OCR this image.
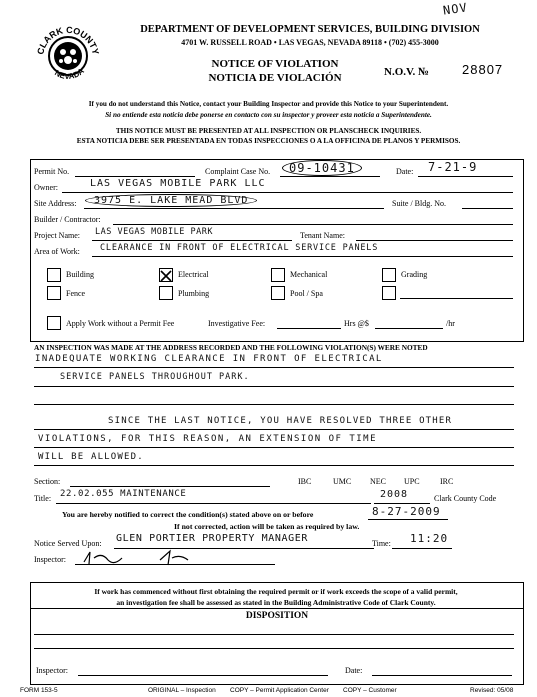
NOV
CLARK COUNTY
NEVADA
DEPARTMENT OF DEVELOPMENT SERVICES, BUILDING DIVISION
4701 W. RUSSELL ROAD • LAS VEGAS, NEVADA 89118 • (702) 455-3000
NOTICE OF VIOLATION
NOTICIA DE VIOLACIÓN	N.O.V. №	28807
If you do not understand this Notice, contact your Building Inspector and provide this Notice to your Superintendent.
Si no entiende esta noticia debe ponerse en contacto con su inspector y proveer esta noticia a Superintendente.
THIS NOTICE MUST BE PRESENTED AT ALL INSPECTION OR PLANSCHECK INQUIRIES.
ESTA NOTICIA DEBE SER PRESENTADA EN TODAS INSPECCIONES O A LA OFFICINA DE PLANOS Y PERMISOS.
Permit No.	Complaint Case No.	09-10431	Date: 7-21-9
Owner:	LAS VEGAS MOBILE PARK LLC
Site Address:	3975 E. LAKE MEAD BLVD	Suite / Bldg. No.
Builder / Contractor:
Project Name: LAS VEGAS MOBILE PARK	Tenant Name:
Area of Work: CLEARANCE IN FRONT OF ELECTRICAL SERVICE PANELS
Building	Electrical	Mechanical	Grading
Fence	Plumbing	Pool / Spa
Apply Work without a Permit Fee	Investigative Fee:	Hrs @$	/hr
AN INSPECTION WAS MADE AT THE ADDRESS RECORDED AND THE FOLLOWING VIOLATION(S) WERE NOTED
INADEQUATE WORKING CLEARANCE IN FRONT OF ELECTRICAL
SERVICE PANELS THROUGHOUT PARK.
SINCE THE LAST NOTICE, YOU HAVE RESOLVED THREE OTHER
VIOLATIONS, FOR THIS REASON, AN EXTENSION OF TIME
WILL BE ALLOWED.
Section:	IBC	UMC NEC UPC	IRC
Title: 22.02.055 MAINTENANCE	2008	Clark County Code
You are hereby notified to correct the condition(s) stated above on or before	8-27-2009
If not corrected, action will be taken as required by law.
Notice Served Upon: GLEN PORTIER PROPERTY MANAGER	Time: 11:20
Inspector:
If work has commenced without first obtaining the required permit or if work exceeds the scope of a valid permit,
an investigation fee shall be assessed as stated in the Building Administrative Code of Clark County.
DISPOSITION
Inspector:	Date:
FORM 153-5	ORIGINAL – Inspection COPY – Permit Application Center COPY – Customer	Revised: 05/08
